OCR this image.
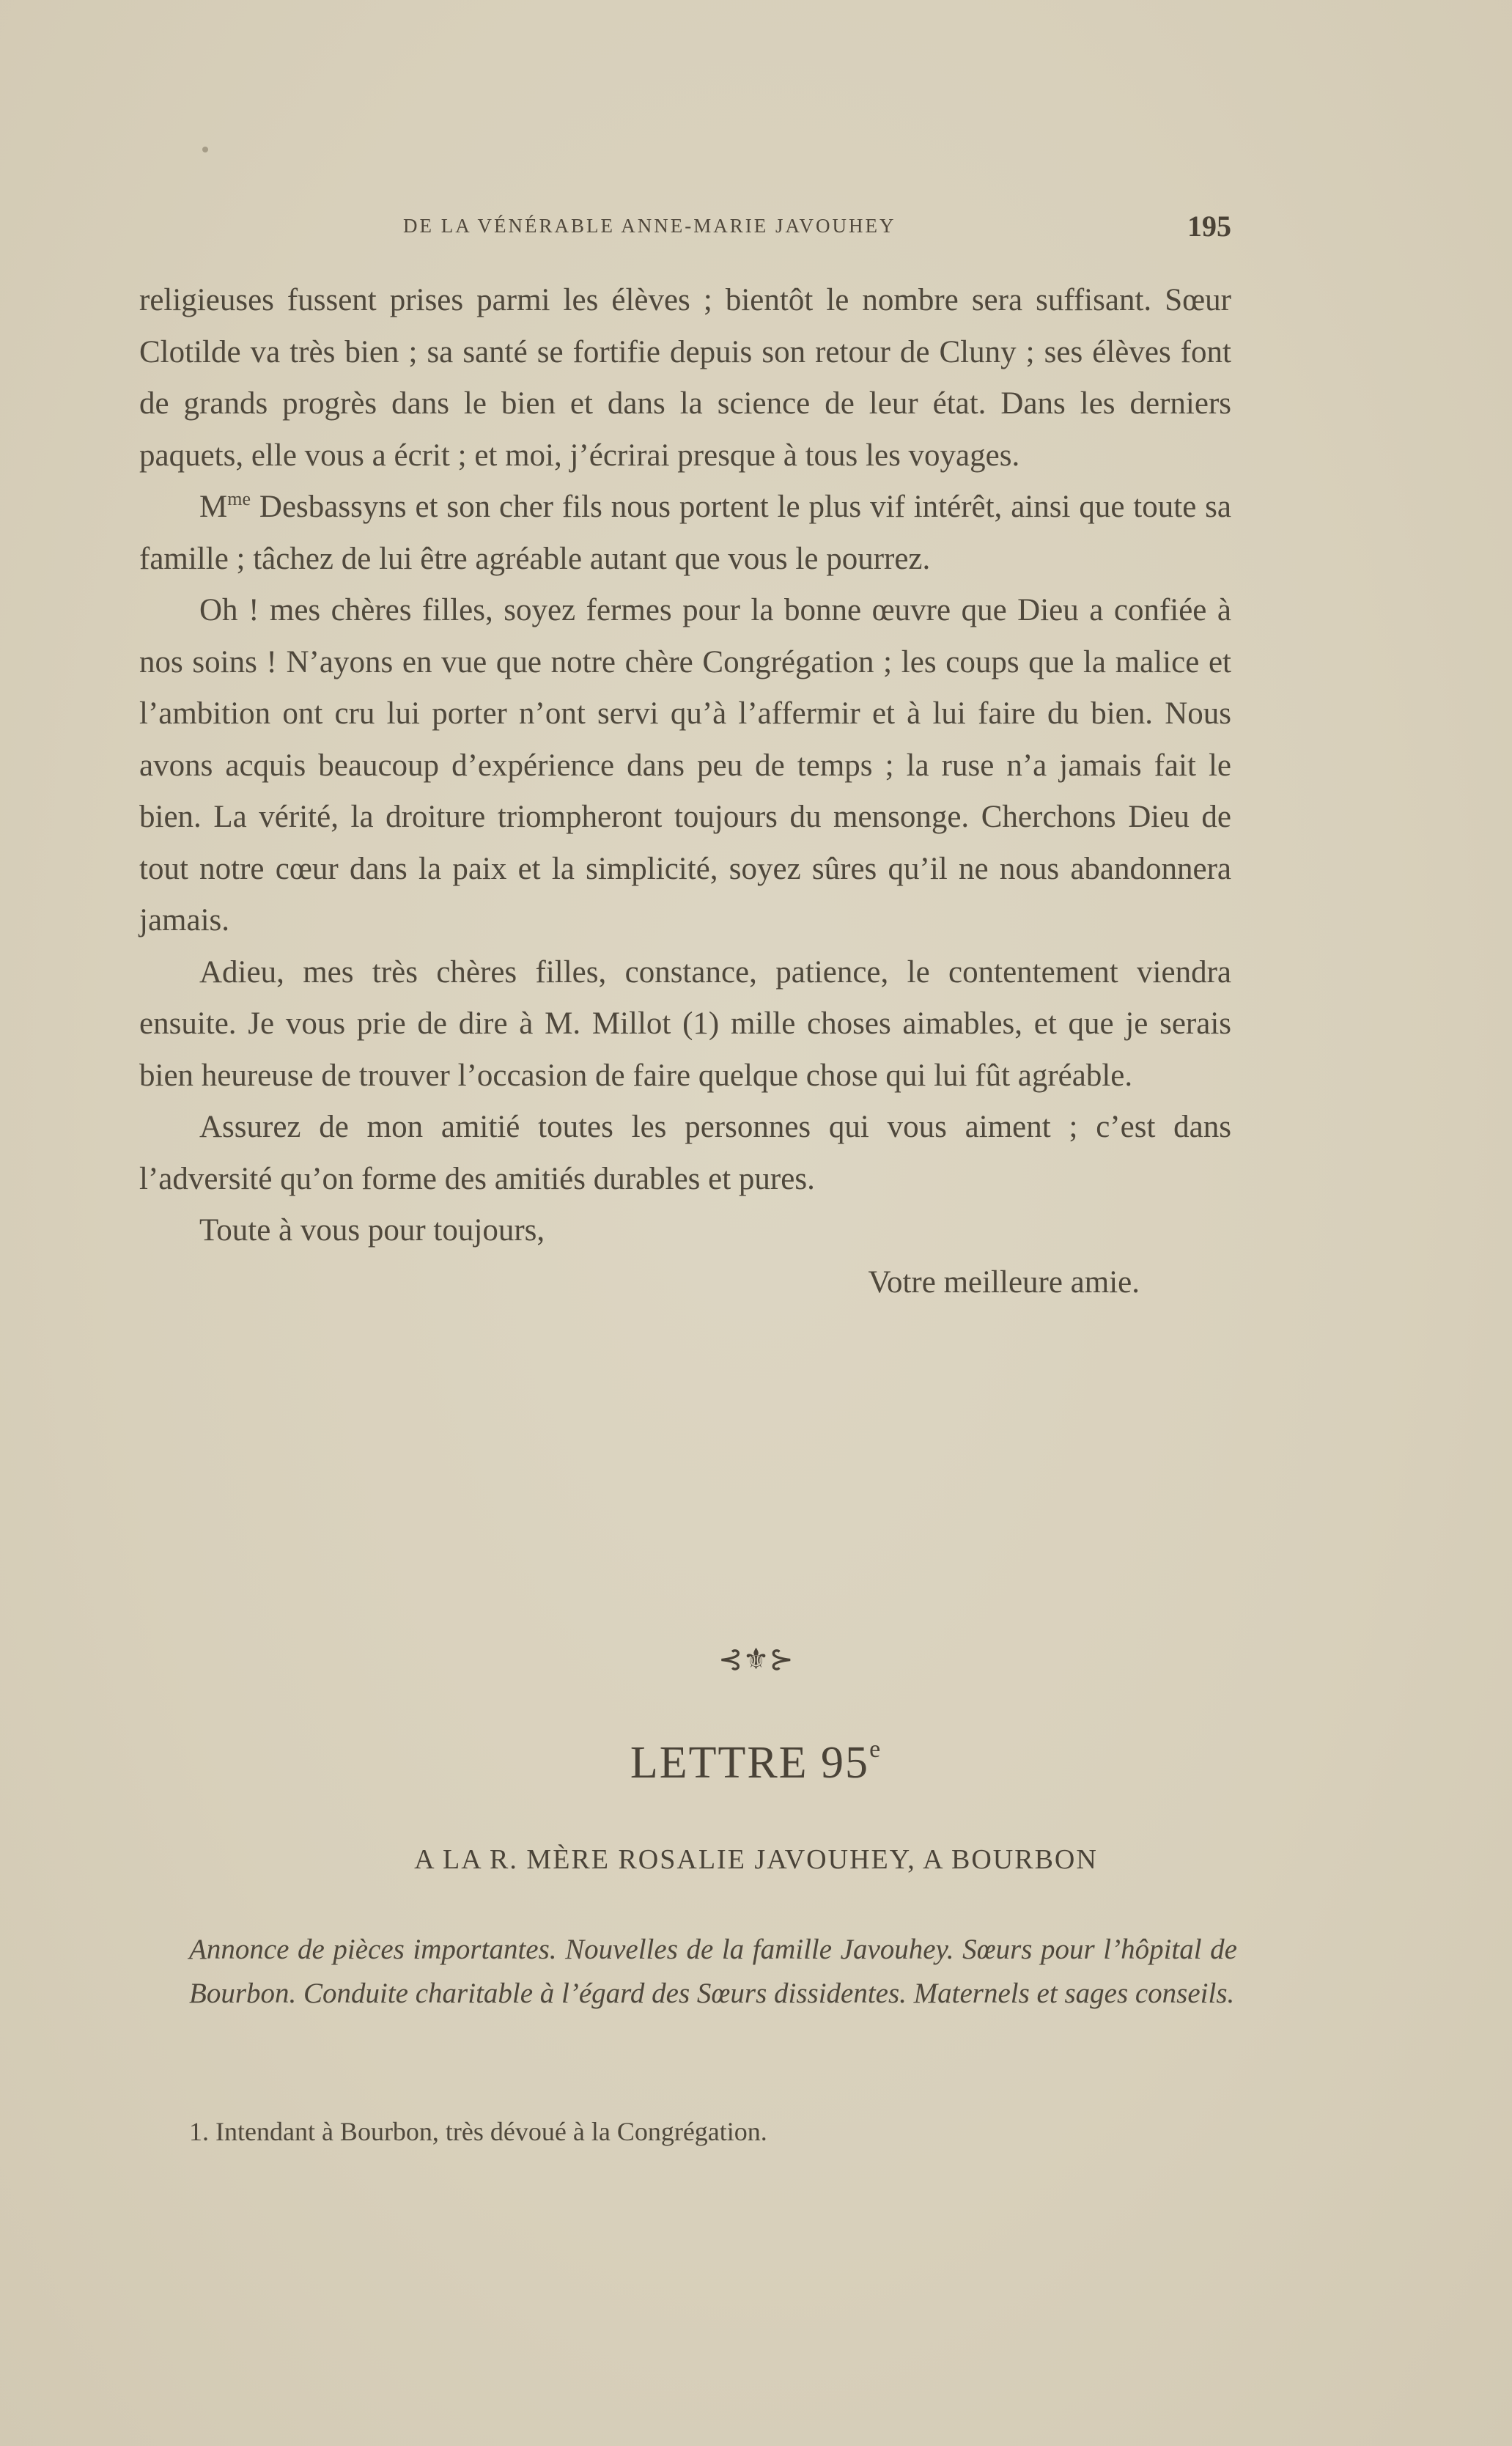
DE LA VÉNÉRABLE ANNE-MARIE JAVOUHEY	195

religieuses fussent prises parmi les élèves ; bientôt le nombre sera suffisant. Sœur Clotilde va très bien ; sa santé se fortifie depuis son retour de Cluny ; ses élèves font de grands progrès dans le bien et dans la science de leur état. Dans les derniers paquets, elle vous a écrit ; et moi, j’écrirai presque à tous les voyages.

$M^{me}$ Desbassyns et son cher fils nous portent le plus vif intérêt, ainsi que toute sa famille ; tâchez de lui être agréable autant que vous le pourrez.

Oh ! mes chères filles, soyez fermes pour la bonne œuvre que Dieu a confiée à nos soins ! N’ayons en vue que notre chère Congrégation ; les coups que la malice et l’ambition ont cru lui porter n’ont servi qu’à l’affermir et à lui faire du bien. Nous avons acquis beaucoup d’expérience dans peu de temps ; la ruse n’a jamais fait le bien. La vérité, la droiture triompheront toujours du mensonge. Cherchons Dieu de tout notre cœur dans la paix et la simplicité, soyez sûres qu’il ne nous abandonnera jamais.

Adieu, mes très chères filles, constance, patience, le contentement viendra ensuite. Je vous prie de dire à M. Millot (1) mille choses aimables, et que je serais bien heureuse de trouver l’occasion de faire quelque chose qui lui fût agréable.

Assurez de mon amitié toutes les personnes qui vous aiment ; c’est dans l’adversité qu’on forme des amitiés durables et pures.

Toute à vous pour toujours,

Votre meilleure amie.

⊰⚜⊱
LETTRE 95e
A LA R. MÈRE ROSALIE JAVOUHEY, A BOURBON
Annonce de pièces importantes. Nouvelles de la famille Javouhey. Sœurs pour l’hôpital de Bourbon. Conduite charitable à l’égard des Sœurs dissidentes. Maternels et sages conseils.
1. Intendant à Bourbon, très dévoué à la Congrégation.
